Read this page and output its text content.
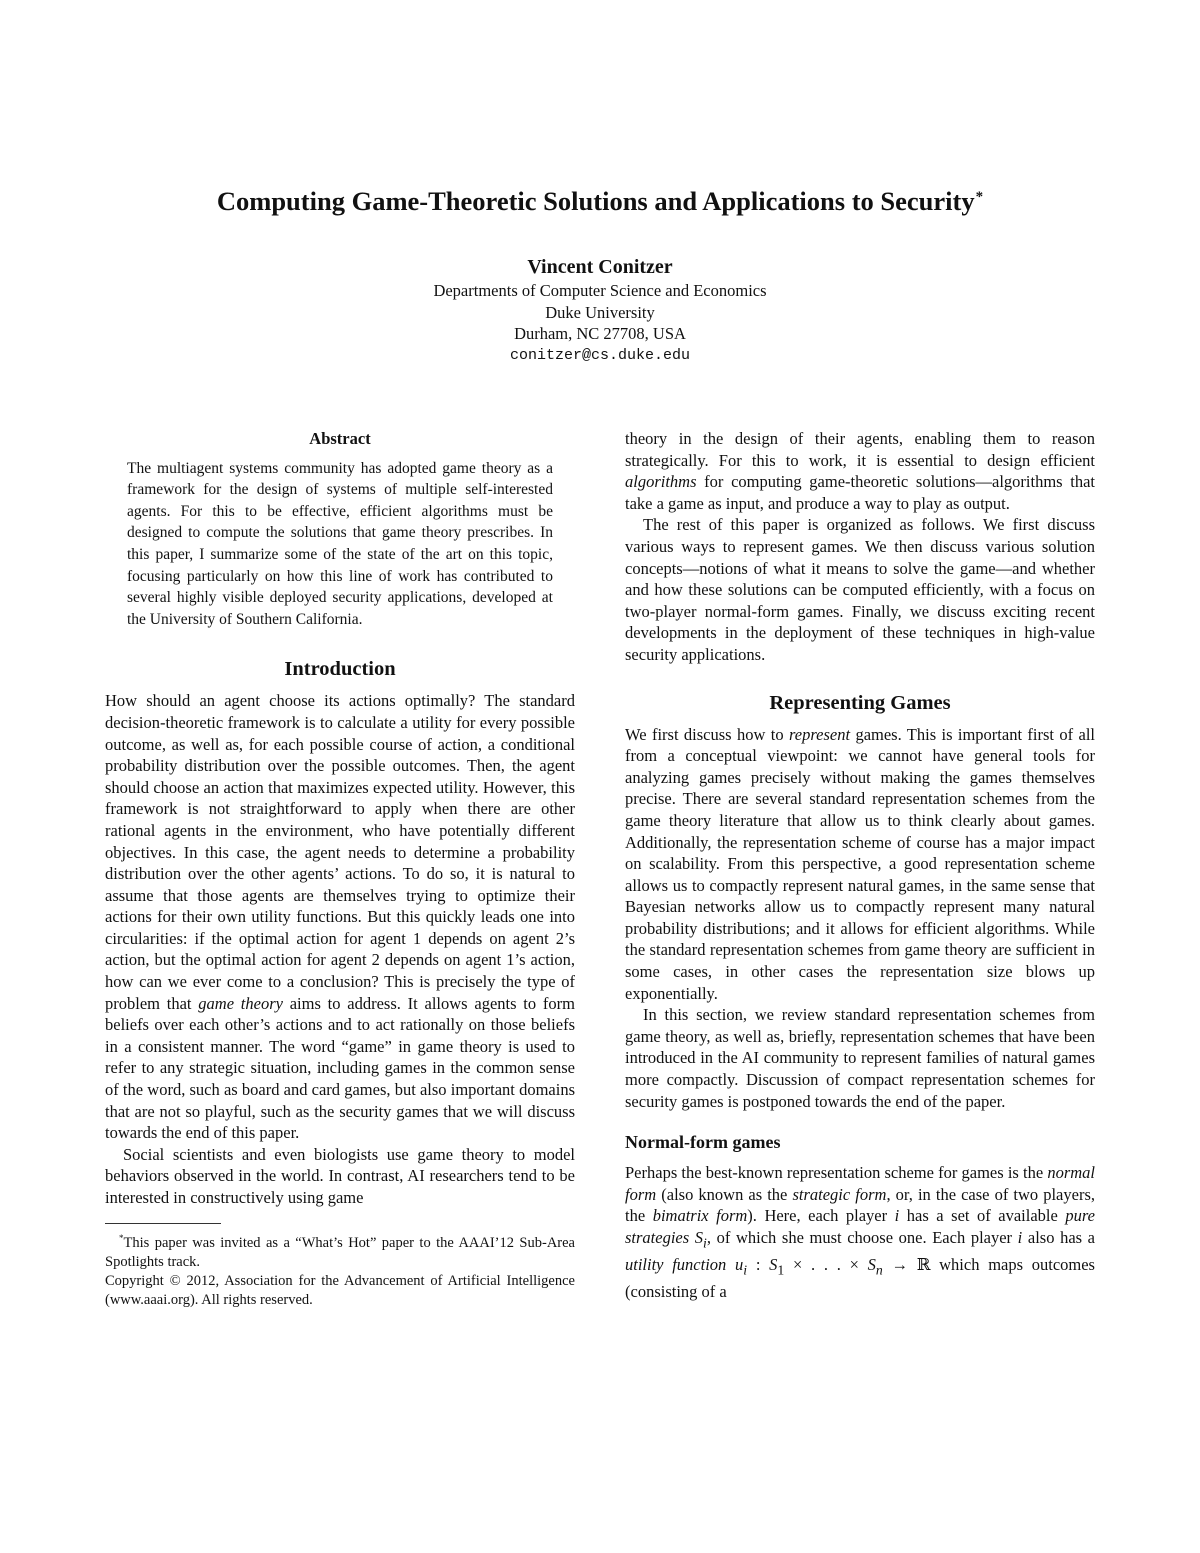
Computing Game-Theoretic Solutions and Applications to Security*
Vincent Conitzer
Departments of Computer Science and Economics
Duke University
Durham, NC 27708, USA
conitzer@cs.duke.edu

Abstract

The multiagent systems community has adopted game theory as a framework for the design of systems of multiple self-interested agents. For this to be effective, efficient algorithms must be designed to compute the solutions that game theory prescribes. In this paper, I summarize some of the state of the art on this topic, focusing particularly on how this line of work has contributed to several highly visible deployed security applications, developed at the University of Southern California.

Introduction

How should an agent choose its actions optimally? The standard decision-theoretic framework is to calculate a utility for every possible outcome, as well as, for each possible course of action, a conditional probability distribution over the possible outcomes. Then, the agent should choose an action that maximizes expected utility. However, this framework is not straightforward to apply when there are other rational agents in the environment, who have potentially different objectives. In this case, the agent needs to determine a probability distribution over the other agents’ actions. To do so, it is natural to assume that those agents are themselves trying to optimize their actions for their own utility functions. But this quickly leads one into circularities: if the optimal action for agent 1 depends on agent 2’s action, but the optimal action for agent 2 depends on agent 1’s action, how can we ever come to a conclusion? This is precisely the type of problem that game theory aims to address. It allows agents to form beliefs over each other’s actions and to act rationally on those beliefs in a consistent manner. The word “game” in game theory is used to refer to any strategic situation, including games in the common sense of the word, such as board and card games, but also important domains that are not so playful, such as the security games that we will discuss towards the end of this paper.

Social scientists and even biologists use game theory to model behaviors observed in the world. In contrast, AI researchers tend to be interested in constructively using game

*This paper was invited as a “What’s Hot” paper to the AAAI’12 Sub-Area Spotlights track.

Copyright © 2012, Association for the Advancement of Artificial Intelligence (www.aaai.org). All rights reserved.

theory in the design of their agents, enabling them to reason strategically. For this to work, it is essential to design efficient algorithms for computing game-theoretic solutions—algorithms that take a game as input, and produce a way to play as output.

The rest of this paper is organized as follows. We first discuss various ways to represent games. We then discuss various solution concepts—notions of what it means to solve the game—and whether and how these solutions can be computed efficiently, with a focus on two-player normal-form games. Finally, we discuss exciting recent developments in the deployment of these techniques in high-value security applications.

Representing Games

We first discuss how to represent games. This is important first of all from a conceptual viewpoint: we cannot have general tools for analyzing games precisely without making the games themselves precise. There are several standard representation schemes from the game theory literature that allow us to think clearly about games. Additionally, the representation scheme of course has a major impact on scalability. From this perspective, a good representation scheme allows us to compactly represent natural games, in the same sense that Bayesian networks allow us to compactly represent many natural probability distributions; and it allows for efficient algorithms. While the standard representation schemes from game theory are sufficient in some cases, in other cases the representation size blows up exponentially.

In this section, we review standard representation schemes from game theory, as well as, briefly, representation schemes that have been introduced in the AI community to represent families of natural games more compactly. Discussion of compact representation schemes for security games is postponed towards the end of the paper.

Normal-form games

Perhaps the best-known representation scheme for games is the normal form (also known as the strategic form, or, in the case of two players, the bimatrix form). Here, each player i has a set of available pure strategies $S_i$, of which she must choose one. Each player i also has a utility function $u_i$ : $S_1$ × . . . × $S_n$ → ℝ which maps outcomes (consisting of a
